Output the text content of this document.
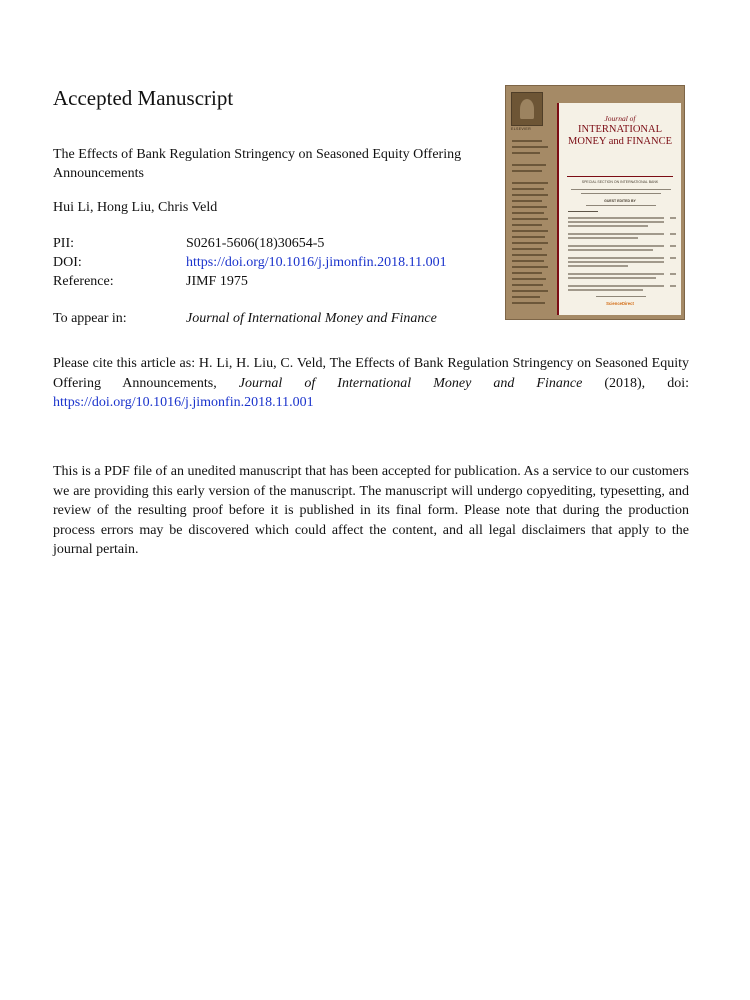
Accepted Manuscript
The Effects of Bank Regulation Stringency on Seasoned Equity Offering Announcements
Hui Li, Hong Liu, Chris Veld
PII:	S0261-5606(18)30654-5
DOI:	https://doi.org/10.1016/j.jimonfin.2018.11.001
Reference:	JIMF 1975
To appear in:	Journal of International Money and Finance
Please cite this article as: H. Li, H. Liu, C. Veld, The Effects of Bank Regulation Stringency on Seasoned Equity Offering Announcements, Journal of International Money and Finance (2018), doi: https://doi.org/10.1016/j.jimonfin.2018.11.001
This is a PDF file of an unedited manuscript that has been accepted for publication. As a service to our customers we are providing this early version of the manuscript. The manuscript will undergo copyediting, typesetting, and review of the resulting proof before it is published in its final form. Please note that during the production process errors may be discovered which could affect the content, and all legal disclaimers that apply to the journal pertain.
ELSEVIER
Journal of
INTERNATIONAL MONEY and FINANCE
SPECIAL SECTION ON INTERNATIONAL BANK
GUEST EDITED BY
ScienceDirect
